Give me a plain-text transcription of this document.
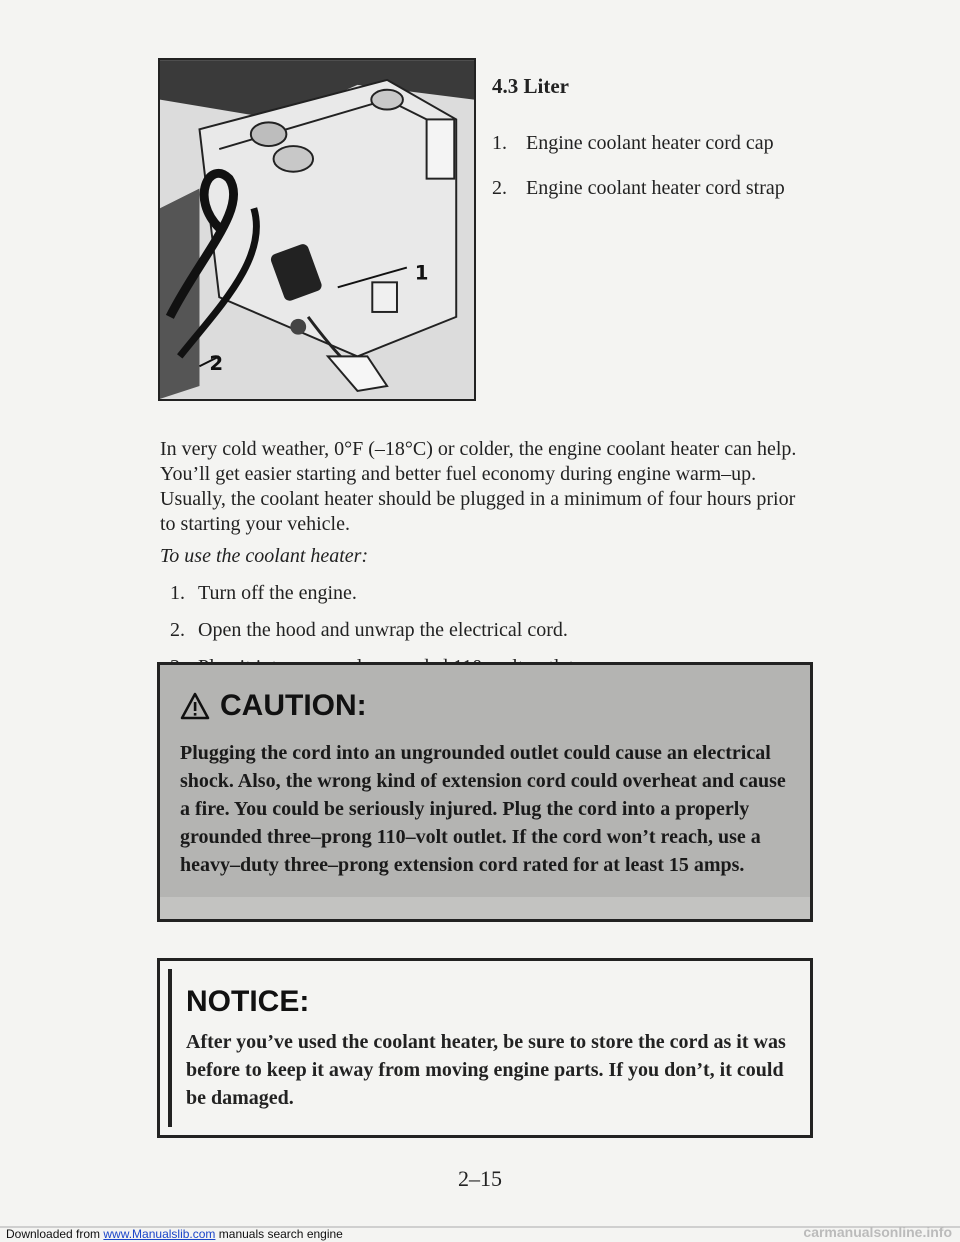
1
2
4.3 Liter
1. Engine coolant heater cord cap
2. Engine coolant heater cord strap

In very cold weather, 0°F (–18°C) or colder, the engine coolant heater can help. You’ll get easier starting and better fuel economy during engine warm–up. Usually, the coolant heater should be plugged in a minimum of four hours prior to starting your vehicle.

To use the coolant heater:
1. Turn off the engine.
2. Open the hood and unwrap the electrical cord.
CAUTION:

Plugging the cord into an ungrounded outlet could cause an electrical shock. Also, the wrong kind of extension cord could overheat and cause a fire. You could be seriously injured. Plug the cord into a properly grounded three–prong 110–volt outlet. If the cord won’t reach, use a heavy–duty three–prong extension cord rated for at least 15 amps.

NOTICE:

After you’ve used the coolant heater, be sure to store the cord as it was before to keep it away from moving engine parts. If you don’t, it could be damaged.

2–15
Downloaded from www.Manualslib.com manuals search engine	carmanualsonline.info
